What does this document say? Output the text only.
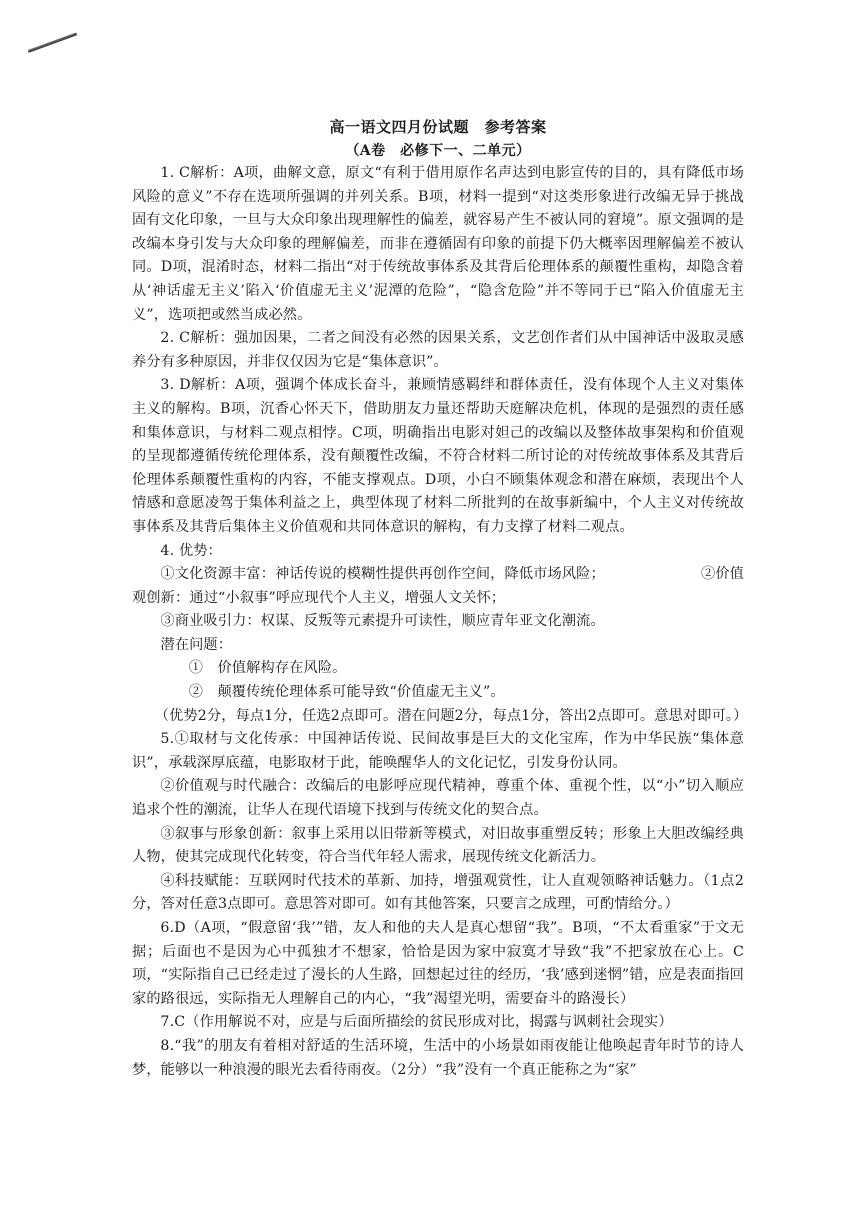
高一语文四月份试题　参考答案
（A卷　必修下一、二单元）

1. C解析：A项，曲解文意，原文“有利于借用原作名声达到电影宣传的目的，具有降低市场风险的意义”不存在选项所强调的并列关系。B项，材料一提到“对这类形象进行改编无异于挑战固有文化印象，一旦与大众印象出现理解性的偏差，就容易产生不被认同的窘境”。原文强调的是改编本身引发与大众印象的理解偏差，而非在遵循固有印象的前提下仍大概率因理解偏差不被认同。D项，混淆时态，材料二指出“对于传统故事体系及其背后伦理体系的颠覆性重构，却隐含着从‘神话虚无主义’陷入‘价值虚无主义’泥潭的危险”，“隐含危险”并不等同于已“陷入价值虚无主义”，选项把或然当成必然。

2. C解析：强加因果，二者之间没有必然的因果关系，文艺创作者们从中国神话中汲取灵感养分有多种原因，并非仅仅因为它是“集体意识”。

3. D解析：A项，强调个体成长奋斗，兼顾情感羁绊和群体责任，没有体现个人主义对集体主义的解构。B项，沉香心怀天下，借助朋友力量还帮助天庭解决危机，体现的是强烈的责任感和集体意识，与材料二观点相悖。C项，明确指出电影对妲己的改编以及整体故事架构和价值观的呈现都遵循传统伦理体系，没有颠覆性改编，不符合材料二所讨论的对传统故事体系及其背后伦理体系颠覆性重构的内容，不能支撑观点。D项，小白不顾集体观念和潜在麻烦，表现出个人情感和意愿凌驾于集体利益之上，典型体现了材料二所批判的在故事新编中，个人主义对传统故事体系及其背后集体主义价值观和共同体意识的解构，有力支撑了材料二观点。

4. 优势：

①文化资源丰富：神话传说的模糊性提供再创作空间，降低市场风险；	②价值

观创新：通过“小叙事”呼应现代个人主义，增强人文关怀；

③商业吸引力：权谋、反叛等元素提升可读性，顺应青年亚文化潮流。

潜在问题：

①　价值解构存在风险。

②　颠覆传统伦理体系可能导致“价值虚无主义”。

（优势2分，每点1分，任选2点即可。潜在问题2分，每点1分，答出2点即可。意思对即可。）

5.①取材与文化传承：中国神话传说、民间故事是巨大的文化宝库，作为中华民族“集体意识”，承载深厚底蕴，电影取材于此，能唤醒华人的文化记忆，引发身份认同。

②价值观与时代融合：改编后的电影呼应现代精神，尊重个体、重视个性，以“小”切入顺应追求个性的潮流，让华人在现代语境下找到与传统文化的契合点。

③叙事与形象创新：叙事上采用以旧带新等模式，对旧故事重塑反转；形象上大胆改编经典人物，使其完成现代化转变，符合当代年轻人需求，展现传统文化新活力。

④科技赋能：互联网时代技术的革新、加持，增强观赏性，让人直观领略神话魅力。（1点2分，答对任意3点即可。意思答对即可。如有其他答案，只要言之成理，可酌情给分。）

6.D（A项，“假意留‘我’”错，友人和他的夫人是真心想留“我”。B项，“不太看重家”于文无据；后面也不是因为心中孤独才不想家，恰恰是因为家中寂寞才导致“我”不把家放在心上。C项，“实际指自己已经走过了漫长的人生路，回想起过往的经历，‘我’感到迷惘”错，应是表面指回家的路很远，实际指无人理解自己的内心，“我”渴望光明，需要奋斗的路漫长）

7.C（作用解说不对，应是与后面所描绘的贫民形成对比，揭露与讽刺社会现实）

8.“我”的朋友有着相对舒适的生活环境，生活中的小场景如雨夜能让他唤起青年时节的诗人梦，能够以一种浪漫的眼光去看待雨夜。（2分）“我”没有一个真正能称之为“家”
